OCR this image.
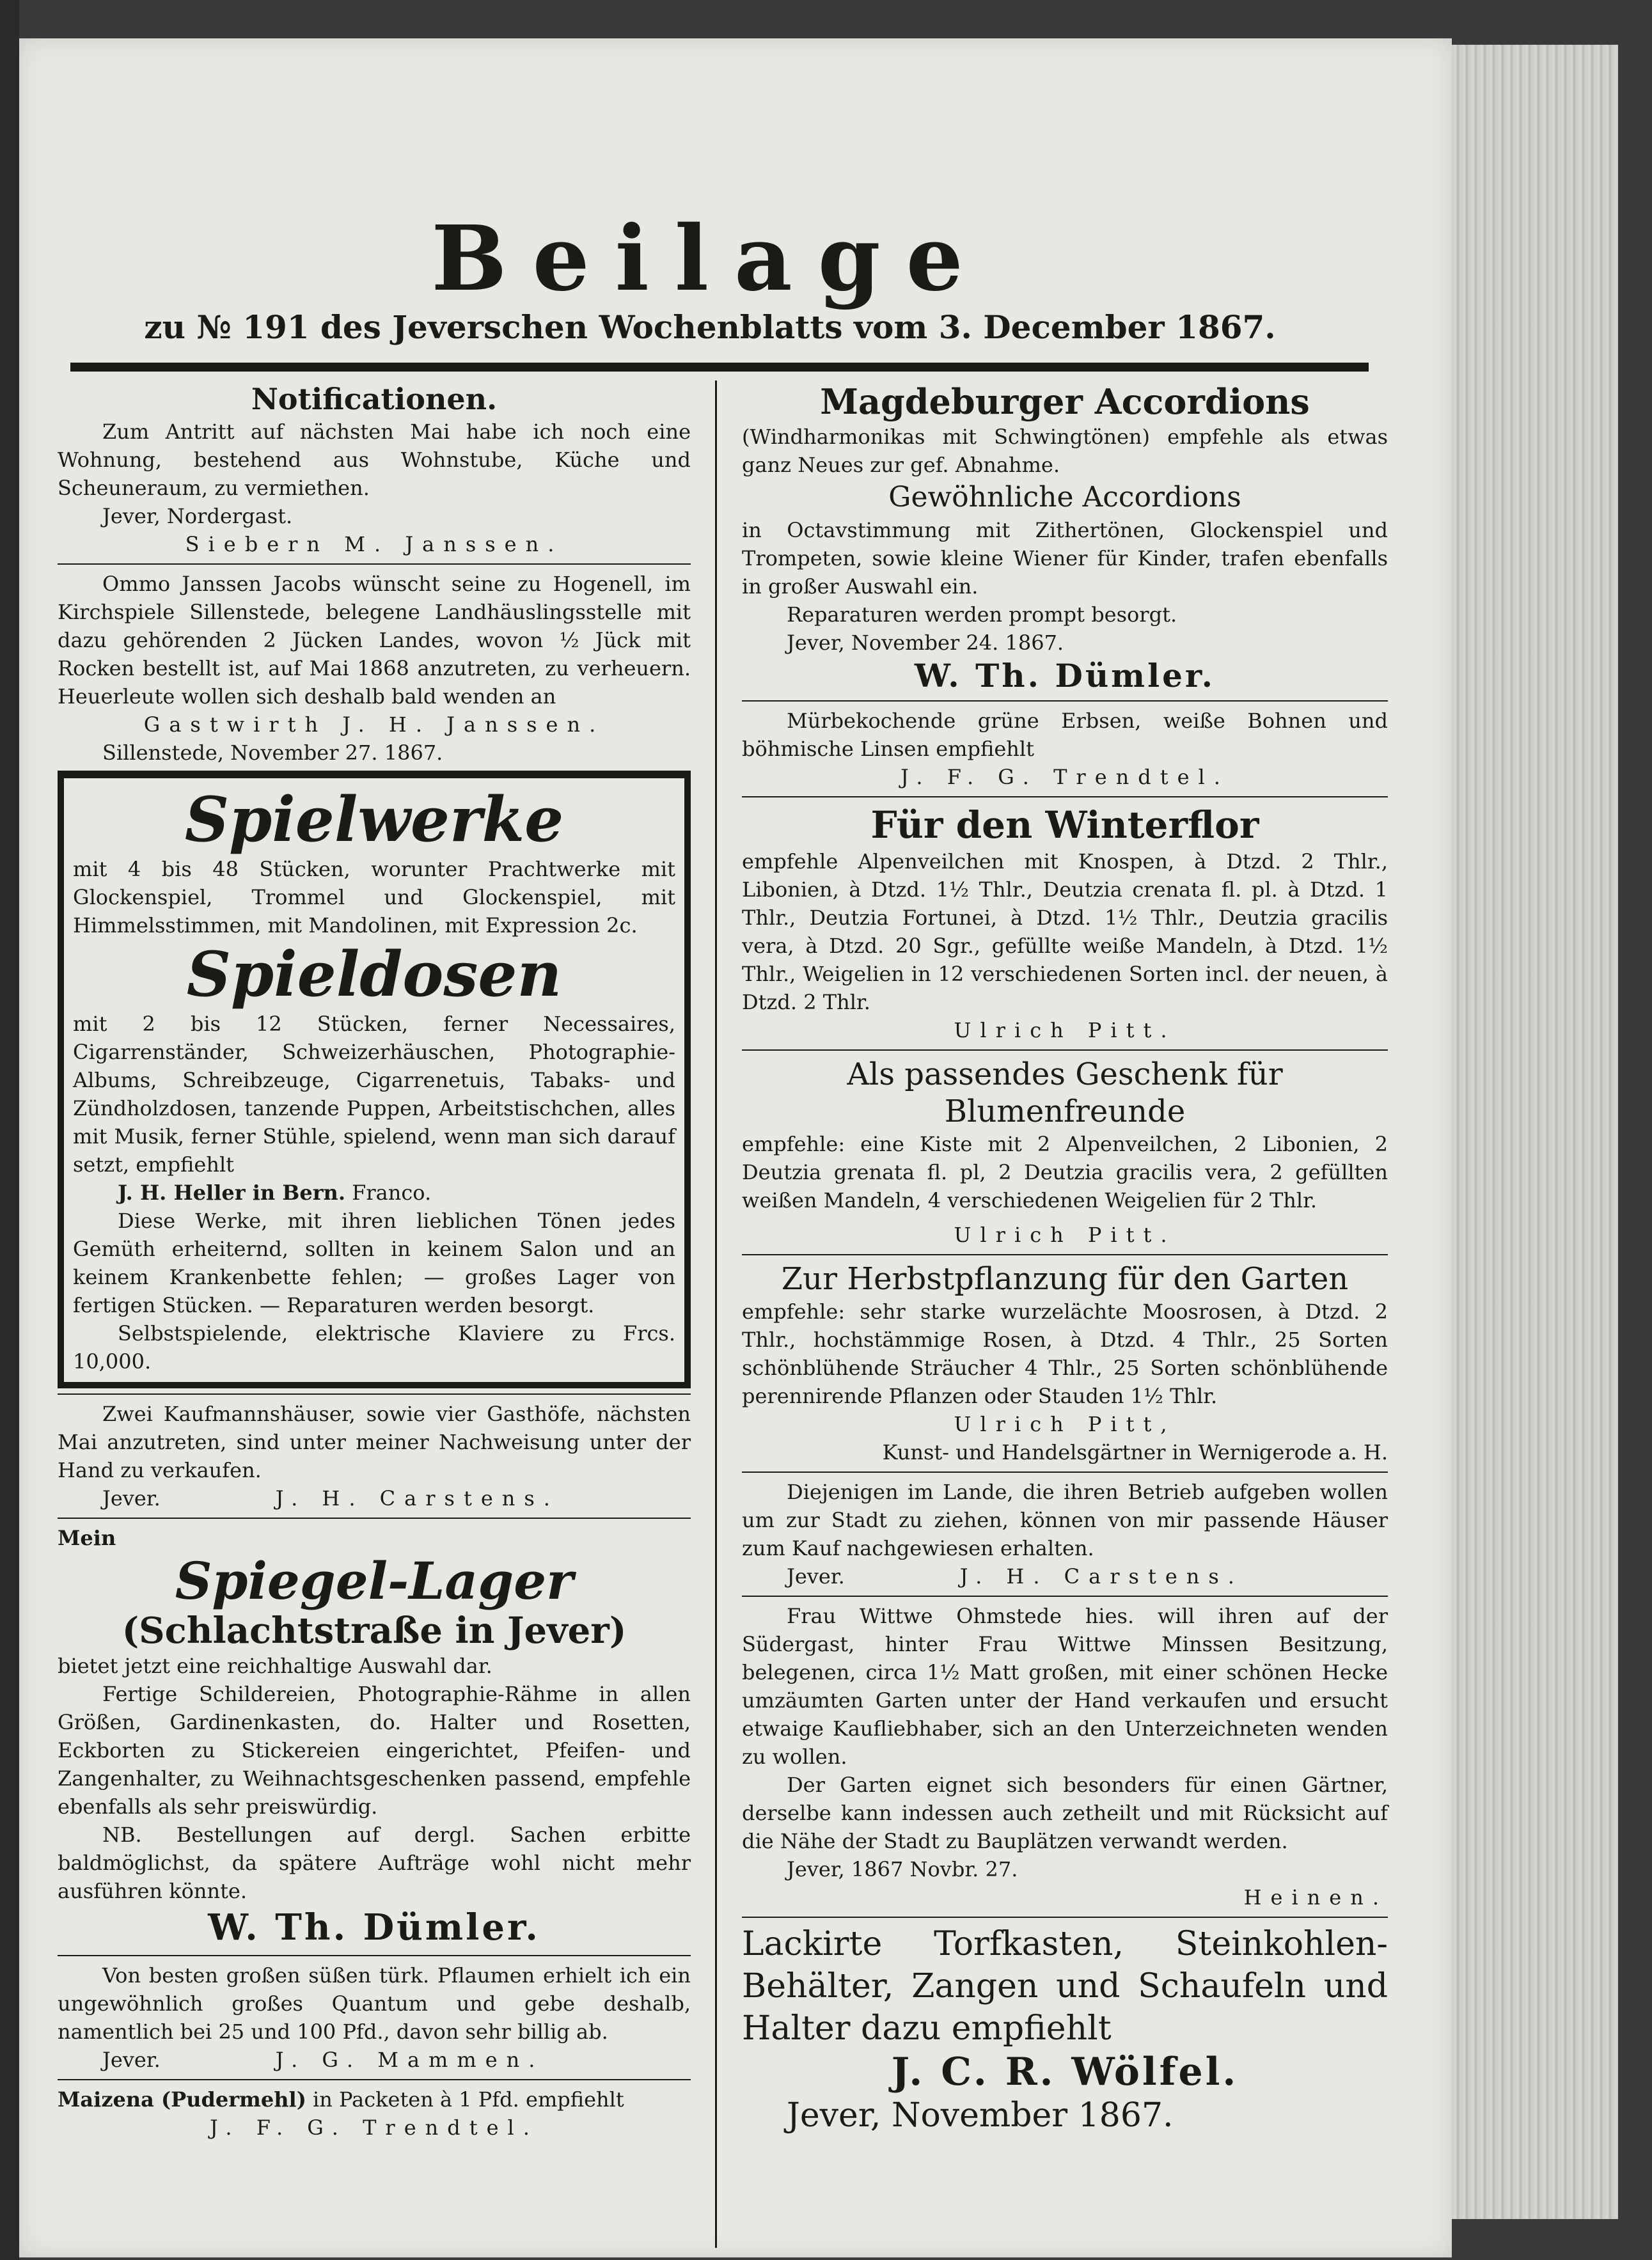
Beilage
zu № 191 des Jeverschen Wochenblatts vom 3. December 1867.
Notificationen.

Zum Antritt auf nächsten Mai habe ich noch eine Wohnung, bestehend aus Wohnstube, Küche und Scheuneraum, zu vermiethen.

Jever, Nordergast.

Siebern M. Janssen.

Ommo Janssen Jacobs wünscht seine zu Hogenell, im Kirchspiele Sillenstede, belegene Landhäuslingsstelle mit dazu gehörenden 2 Jücken Landes, wovon ½ Jück mit Rocken bestellt ist, auf Mai 1868 anzutreten, zu verheuern. Heuerleute wollen sich deshalb bald wenden an

Gastwirth J. H. Janssen.

Sillenstede, November 27. 1867.

Spielwerke

mit 4 bis 48 Stücken, worunter Prachtwerke mit Glockenspiel, Trommel und Glockenspiel, mit Himmelsstimmen, mit Mandolinen, mit Expression 2c.

Spieldosen

mit 2 bis 12 Stücken, ferner Necessaires, Cigarrenständer, Schweizerhäuschen, Photographie-Albums, Schreibzeuge, Cigarrenetuis, Tabaks- und Zündholzdosen, tanzende Puppen, Arbeitstischchen, alles mit Musik, ferner Stühle, spielend, wenn man sich darauf setzt, empfiehlt

J. H. Heller in Bern. Franco.

Diese Werke, mit ihren lieblichen Tönen jedes Gemüth erheiternd, sollten in keinem Salon und an keinem Krankenbette fehlen; — großes Lager von fertigen Stücken. — Reparaturen werden besorgt.

Selbstspielende, elektrische Klaviere zu Frcs. 10,000.

Zwei Kaufmannshäuser, sowie vier Gasthöfe, nächsten Mai anzutreten, sind unter meiner Nachweisung unter der Hand zu verkaufen.

Jever.	J. H. Carstens.

Mein

Spiegel-Lager
(Schlachtstraße in Jever)

bietet jetzt eine reichhaltige Auswahl dar.

Fertige Schildereien, Photographie-Rähme in allen Größen, Gardinenkasten, do. Halter und Rosetten, Eckborten zu Stickereien eingerichtet, Pfeifen- und Zangenhalter, zu Weihnachtsgeschenken passend, empfehle ebenfalls als sehr preiswürdig.

NB. Bestellungen auf dergl. Sachen erbitte baldmöglichst, da spätere Aufträge wohl nicht mehr ausführen könnte.

W. Th. Dümler.

Von besten großen süßen türk. Pflaumen erhielt ich ein ungewöhnlich großes Quantum und gebe deshalb, namentlich bei 25 und 100 Pfd., davon sehr billig ab.

Jever.	J. G. Mammen.

Maizena (Pudermehl) in Packeten à 1 Pfd. empfiehlt

J. F. G. Trendtel.

Magdeburger Accordions

(Windharmonikas mit Schwingtönen) empfehle als etwas ganz Neues zur gef. Abnahme.

Gewöhnliche Accordions

in Octavstimmung mit Zithertönen, Glockenspiel und Trompeten, sowie kleine Wiener für Kinder, trafen ebenfalls in großer Auswahl ein.

Reparaturen werden prompt besorgt.

Jever, November 24. 1867.

W. Th. Dümler.

Mürbekochende grüne Erbsen, weiße Bohnen und böhmische Linsen empfiehlt

J. F. G. Trendtel.

Für den Winterflor

empfehle Alpenveilchen mit Knospen, à Dtzd. 2 Thlr., Libonien, à Dtzd. 1½ Thlr., Deutzia crenata fl. pl. à Dtzd. 1 Thlr., Deutzia Fortunei, à Dtzd. 1½ Thlr., Deutzia gracilis vera, à Dtzd. 20 Sgr., gefüllte weiße Mandeln, à Dtzd. 1½ Thlr., Weigelien in 12 verschiedenen Sorten incl. der neuen, à Dtzd. 2 Thlr.

Ulrich Pitt.

Als passendes Geschenk für
Blumenfreunde

empfehle: eine Kiste mit 2 Alpenveilchen, 2 Libonien, 2 Deutzia grenata fl. pl, 2 Deutzia gracilis vera, 2 gefüllten weißen Mandeln, 4 verschiedenen Weigelien für 2 Thlr.

Ulrich Pitt.

Zur Herbstpflanzung für den Garten

empfehle: sehr starke wurzelächte Moosrosen, à Dtzd. 2 Thlr., hochstämmige Rosen, à Dtzd. 4 Thlr., 25 Sorten schönblühende Sträucher 4 Thlr., 25 Sorten schönblühende perennirende Pflanzen oder Stauden 1½ Thlr.

Ulrich Pitt,

Kunst- und Handelsgärtner in Wernigerode a. H.

Diejenigen im Lande, die ihren Betrieb aufgeben wollen um zur Stadt zu ziehen, können von mir passende Häuser zum Kauf nachgewiesen erhalten.

Jever.	J. H. Carstens.

Frau Wittwe Ohmstede hies. will ihren auf der Südergast, hinter Frau Wittwe Minssen Besitzung, belegenen, circa 1½ Matt großen, mit einer schönen Hecke umzäumten Garten unter der Hand verkaufen und ersucht etwaige Kaufliebhaber, sich an den Unterzeichneten wenden zu wollen.

Der Garten eignet sich besonders für einen Gärtner, derselbe kann indessen auch zetheilt und mit Rücksicht auf die Nähe der Stadt zu Bauplätzen verwandt werden.

Jever, 1867 Novbr. 27.

Heinen.

Lackirte Torfkasten, Steinkohlen-Behälter, Zangen und Schaufeln und Halter dazu empfiehlt

J. C. R. Wölfel.

Jever, November 1867.
